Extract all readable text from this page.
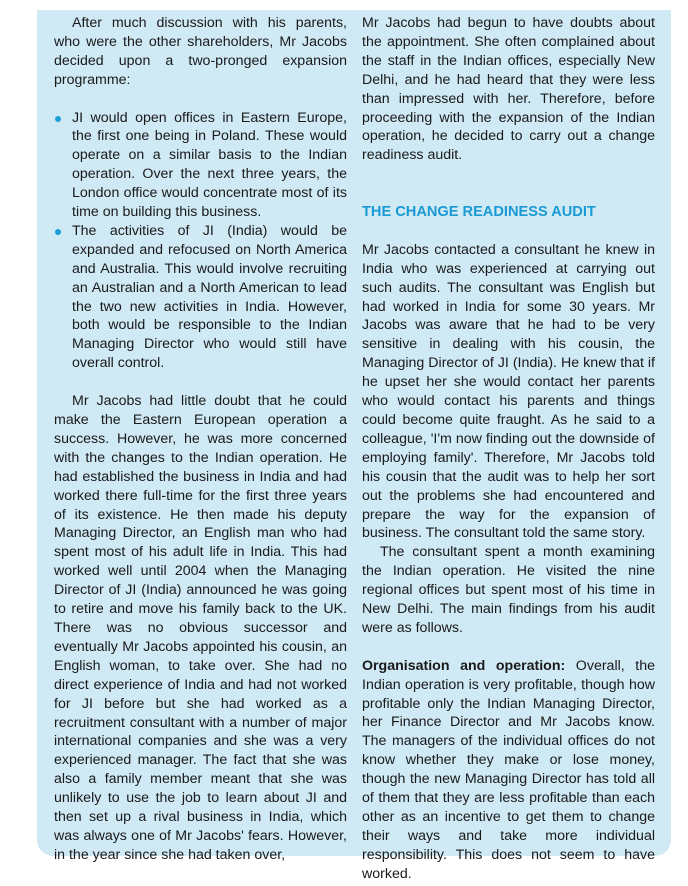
After much discussion with his parents, who were the other shareholders, Mr Jacobs decided upon a two-pronged expansion programme:

JI would open offices in Eastern Europe, the first one being in Poland. These would operate on a similar basis to the Indian operation. Over the next three years, the London office would concentrate most of its time on building this business.
The activities of JI (India) would be expanded and refocused on North America and Australia. This would involve recruiting an Australian and a North American to lead the two new activities in India. However, both would be responsible to the Indian Managing Director who would still have overall control.

Mr Jacobs had little doubt that he could make the Eastern European operation a success. However, he was more concerned with the changes to the Indian operation. He had established the business in India and had worked there full-time for the first three years of its existence. He then made his deputy Managing Director, an English man who had spent most of his adult life in India. This had worked well until 2004 when the Managing Director of JI (India) announced he was going to retire and move his family back to the UK. There was no obvious successor and eventually Mr Jacobs appointed his cousin, an English woman, to take over. She had no direct experience of India and had not worked for JI before but she had worked as a recruitment consultant with a number of major international companies and she was a very experienced manager. The fact that she was also a family member meant that she was unlikely to use the job to learn about JI and then set up a rival business in India, which was always one of Mr Jacobs' fears. However, in the year since she had taken over,

Mr Jacobs had begun to have doubts about the appointment. She often complained about the staff in the Indian offices, especially New Delhi, and he had heard that they were less than impressed with her. Therefore, before proceeding with the expansion of the Indian operation, he decided to carry out a change readiness audit.

THE CHANGE READINESS AUDIT

Mr Jacobs contacted a consultant he knew in India who was experienced at carrying out such audits. The consultant was English but had worked in India for some 30 years. Mr Jacobs was aware that he had to be very sensitive in dealing with his cousin, the Managing Director of JI (India). He knew that if he upset her she would contact her parents who would contact his parents and things could become quite fraught. As he said to a colleague, 'I'm now finding out the downside of employing family'. Therefore, Mr Jacobs told his cousin that the audit was to help her sort out the problems she had encountered and prepare the way for the expansion of business. The consultant told the same story.

The consultant spent a month examining the Indian operation. He visited the nine regional offices but spent most of his time in New Delhi. The main findings from his audit were as follows.

Organisation and operation: Overall, the Indian operation is very profitable, though how profitable only the Indian Managing Director, her Finance Director and Mr Jacobs know. The managers of the individual offices do not know whether they make or lose money, though the new Managing Director has told all of them that they are less profitable than each other as an incentive to get them to change their ways and take more individual responsibility. This does not seem to have worked.
